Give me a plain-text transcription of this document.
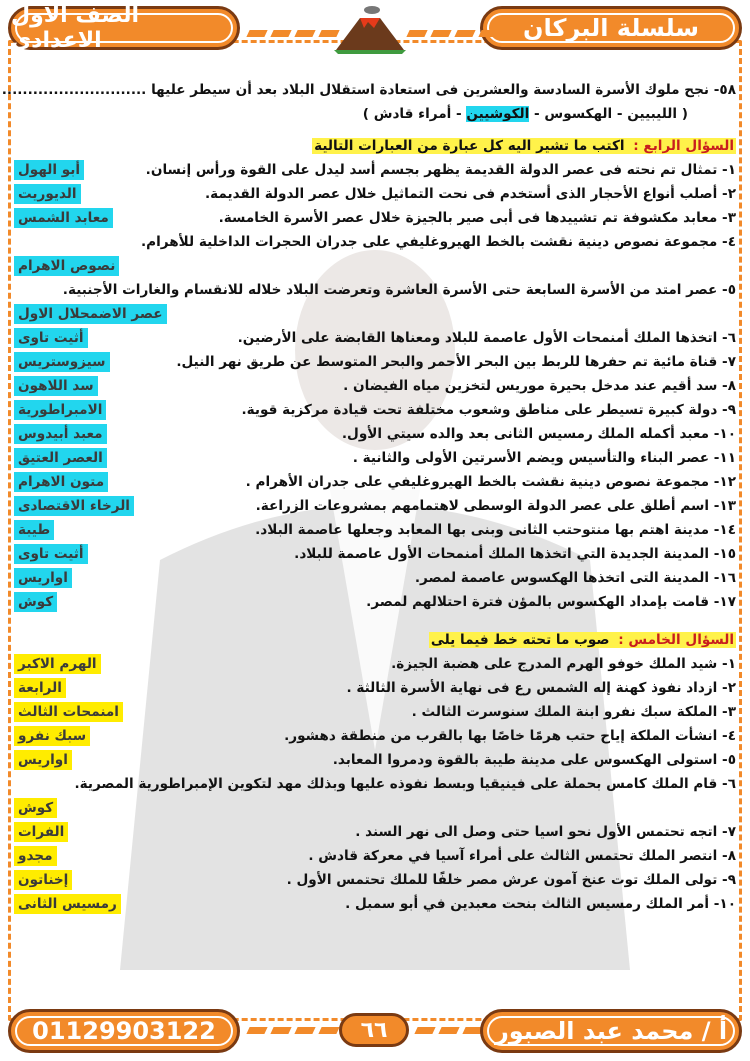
سلسلة البركان
الصف الاول الاعدادى
٥٨- نجح ملوك الأسرة السادسة والعشرين فى استعادة استقلال البلاد بعد أن سيطر عليها ............................
( الليبيين - الهكسوس - الكوشيين - أمراء قادش )
السؤال الرابع : اكتب ما تشير اليه كل عبارة من العبارات التالية
١- تمثال تم نحته فى عصر الدولة القديمة يظهر بجسم أسد ليدل على القوة ورأس إنسان.
أبو الهول
٢- أصلب أنواع الأحجار الذى أستخدم فى نحت التماثيل خلال عصر الدولة القديمة.
الديوريت
٣- معابد مكشوفة تم تشييدها فى أبى صير بالجيزة خلال عصر الأسرة الخامسة.
معابد الشمس
٤- مجموعة نصوص دينية نقشت بالخط الهيروغليفي على جدران الحجرات الداخلية للأهرام.
نصوص الاهرام
٥- عصر امتد من الأسرة السابعة حتى الأسرة العاشرة وتعرضت البلاد خلاله للانقسام والغارات الأجنبية.
عصر الاضمحلال الاول
٦- اتخذها الملك أمنمحات الأول عاصمة للبلاد ومعناها القابضة على الأرضين.
أثيت تاوى
٧- قناة مائية تم حفرها للربط بين البحر الأحمر والبحر المتوسط عن طريق نهر النيل.
سيزوستريس
٨- سد أقيم عند مدخل بحيرة موريس لتخزين مياه الفيضان .
سد اللاهون
٩- دولة كبيرة تسيطر على مناطق وشعوب مختلفة تحت قيادة مركزية قوية.
الامبراطورية
١٠- معبد أكمله الملك رمسيس الثانى بعد والده سيتي الأول.
معبد أبيدوس
١١- عصر البناء والتأسيس ويضم الأسرتين الأولى والثانية .
العصر العتيق
١٢- مجموعة نصوص دينية نقشت بالخط الهيروغليفي على جدران الأهرام .
متون الاهرام
١٣- اسم أطلق على عصر الدولة الوسطى لاهتمامهم بمشروعات الزراعة.
الرخاء الاقتصادى
١٤- مدينة اهتم بها منتوحتب الثانى وبنى بها المعابد وجعلها عاصمة البلاد.
طيبة
١٥- المدينة الجديدة التي اتخذها الملك أمنمحات الأول عاصمة للبلاد.
أثيت تاوى
١٦- المدينة التى اتخذها الهكسوس عاصمة لمصر.
اواريس
١٧- قامت بإمداد الهكسوس بالمؤن فترة احتلالهم لمصر.
كوش
السؤال الخامس : صوب ما تحته خط فيما يلى
١- شيد الملك خوفو الهرم المدرج على هضبة الجيزة.
الهرم الاكبر
٢- ازداد نفوذ كهنة إله الشمس رع فى نهاية الأسرة الثالثة .
الرابعة
٣- الملكة سبك نفرو ابنة الملك سنوسرت الثالث .
امنمحات الثالث
٤- انشأت الملكة إياح حتب هرمًا خاصًا بها بالقرب من منطقة دهشور.
سبك نفرو
٥- استولى الهكسوس على مدينة طيبة بالقوة ودمروا المعابد.
اواريس
٦- قام الملك كامس بحملة على فينيقيا وبسط نفوذه عليها وبذلك مهد لتكوين الإمبراطورية المصرية.
كوش
٧- اتجه تحتمس الأول نحو اسيا حتى وصل الى نهر السند .
الفرات
٨- انتصر الملك تحتمس الثالث على أمراء آسيا في معركة قادش .
مجدو
٩- تولى الملك توت عنخ آمون عرش مصر خلفًا للملك تحتمس الأول .
إخناتون
١٠- أمر الملك رمسيس الثالث بنحت معبدين في أبو سمبل .
رمسيس الثانى
01129903122	٦٦	أ / محمد عبد الصبور
